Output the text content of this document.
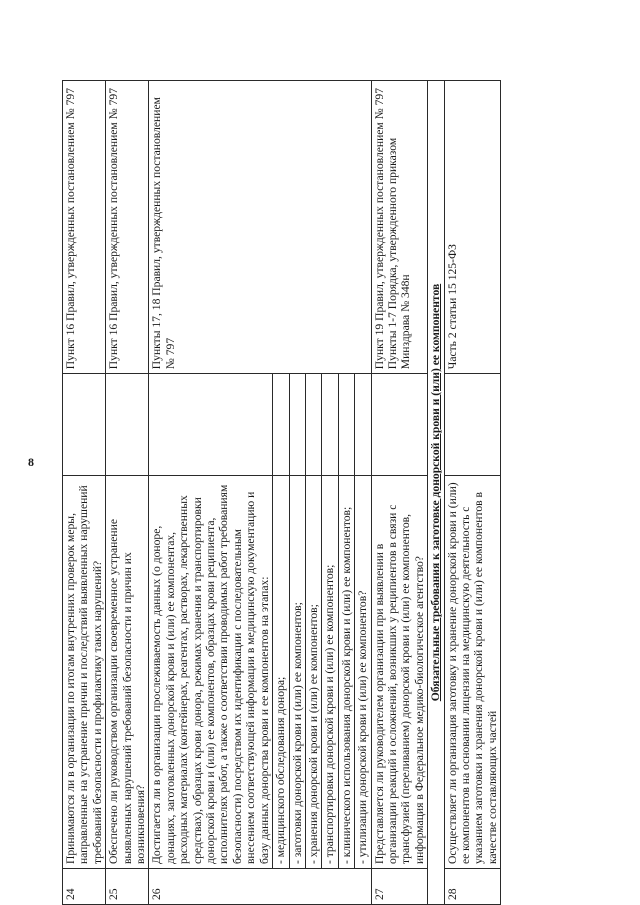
8
24	Принимаются ли в организации по итогам внутренних проверок меры, направленные на устранение причин и последствий выявленных нарушений требований безопасности и профилактику таких нарушений?		Пункт 16 Правил, утвержденных постановлением № 797
25	Обеспечено ли руководством организации своевременное устранение выявленных нарушений требований безопасности и причин их возникновения?		Пункт 16 Правил, утвержденных постановлением № 797
26	Достигается ли в организации прослеживаемость данных (о доноре, донациях, заготовленных донорской крови и (или) ее компонентах, расходных материалах (контейнерах, реагентах, растворах, лекарственных средствах), образцах крови донора, режимах хранения и транспортировки донорской крови и (или) ее компонентов, образцах крови реципиента, исполнителях работ, а также о соответствии проводимых работ требованиям безопасности) посредством их идентификации с последовательным внесением соответствующей информации в медицинскую документацию и базу данных донорства крови и ее компонентов на этапах:		Пункты 17, 18 Правил, утвержденных постановлением № 797
	- медицинского обследования донора;		
	- заготовки донорской крови и (или) ее компонентов;		
	- хранения донорской крови и (или) ее компонентов;		
	- транспортировки донорской крови и (или) ее компонентов;		
	- клинического использования донорской крови и (или) ее компонентов;		
	- утилизации донорской крови и (или) ее компонентов?		
27	Представляется ли руководителем организации при выявлении в организации реакций и осложнений, возникших у реципиентов в связи с трансфузией (переливанием) донорской крови и (или) ее компонентов, информация в Федеральное медико-биологическое агентство?		Пункт 19 Правил, утвержденных постановлением № 797 Пункты 1-7 Порядка, утвержденного приказом Минздрава № 348н

Обязательные требования к заготовке донорской крови и (или) ее компонентов			
28	Осуществляет ли организация заготовку и хранение донорской крови и (или) ее компонентов на основании лицензии на медицинскую деятельность с указанием заготовки и хранения донорской крови и (или) ее компонентов в качестве составляющих частей		Часть 2 статьи 15 125-ФЗ
